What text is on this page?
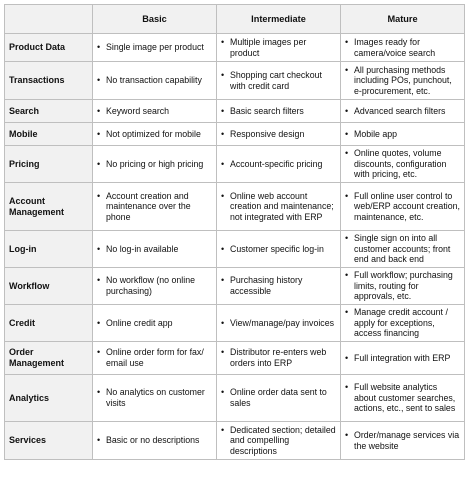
	Basic	Intermediate	Mature
Product Data	• Single image per product	• Multiple images per product	• Images ready for camera/voice search

Transactions	• No transaction capability	• Shopping cart checkout with credit card	• All purchasing methods including POs, punchout, e-procurement, etc.

Search	• Keyword search	• Basic search filters	• Advanced search filters

Mobile	• Not optimized for mobile	• Responsive design	• Mobile app

Pricing	• No pricing or high pricing	• Account-specific pricing	• Online quotes, volume discounts, configuration with pricing, etc.

Account Management	• Account creation and maintenance over the phone	• Online web account creation and maintenance; not integrated with ERP	• Full online user control to web/ERP account creation, maintenance, etc.

Log-in	• No log-in available	• Customer specific log-in	• Single sign on into all customer accounts; front end and back end

Workflow	• No workflow (no online purchasing)	• Purchasing history accessible	• Full workflow; purchasing limits, routing for approvals, etc.

Credit	• Online credit app	• View/manage/pay invoices	• Manage credit account / apply for exceptions, access financing

Order Management	• Online order form for fax/ email use	• Distributor re-enters web orders into ERP	• Full integration with ERP

Analytics	• No analytics on customer visits	• Online order data sent to sales	• Full website analytics about customer searches, actions, etc., sent to sales

Services	• Basic or no descriptions	• Dedicated section; detailed and compelling descriptions	• Order/manage services via the website
